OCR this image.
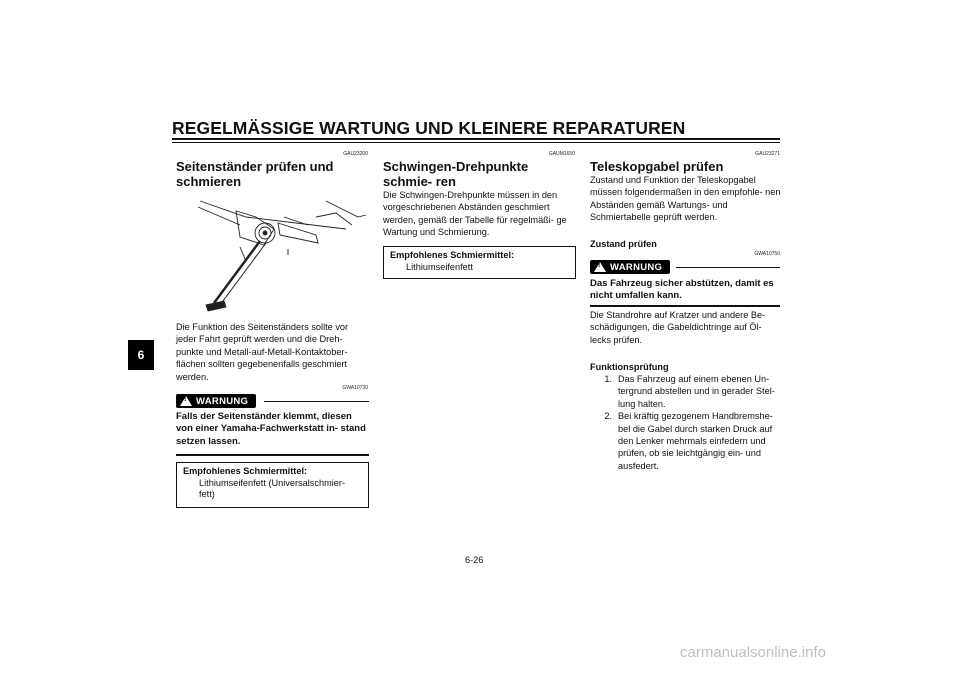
REGELMÄSSIGE WARTUNG UND KLEINERE REPARATUREN
6
GAU23200
Seitenständer prüfen und schmieren
Die Funktion des Seitenständers sollte vor jeder Fahrt geprüft werden und die Dreh- punkte und Metall-auf-Metall-Kontaktober- flächen sollten gegebenenfalls geschmiert werden.
GWA10730
! WARNUNG
Falls der Seitenständer klemmt, diesen von einer Yamaha-Fachwerkstatt in- stand setzen lassen.
Empfohlenes Schmiermittel:
Lithiumseifenfett (Universalschmier- fett)
GAUM1650
Schwingen-Drehpunkte schmie- ren
Die Schwingen-Drehpunkte müssen in den vorgeschriebenen Abständen geschmiert werden, gemäß der Tabelle für regelmäßi- ge Wartung und Schmierung.
Empfohlenes Schmiermittel:
Lithiumseifenfett
GAU23271
Teleskopgabel prüfen
Zustand und Funktion der Teleskopgabel müssen folgendermaßen in den empfohle- nen Abständen gemäß Wartungs- und Schmiertabelle geprüft werden.
Zustand prüfen
GWA10750
! WARNUNG
Das Fahrzeug sicher abstützen, damit es nicht umfallen kann.
Die Standrohre auf Kratzer und andere Be- schädigungen, die Gabeldichtringe auf Öl- lecks prüfen.
Funktionsprüfung
1. Das Fahrzeug auf einem ebenen Un- tergrund abstellen und in gerader Stel- lung halten.
2. Bei kräftig gezogenem Handbremshe- bel die Gabel durch starken Druck auf den Lenker mehrmals einfedern und prüfen, ob sie leichtgängig ein- und ausfedert.
6-26
carmanualsonline.info
